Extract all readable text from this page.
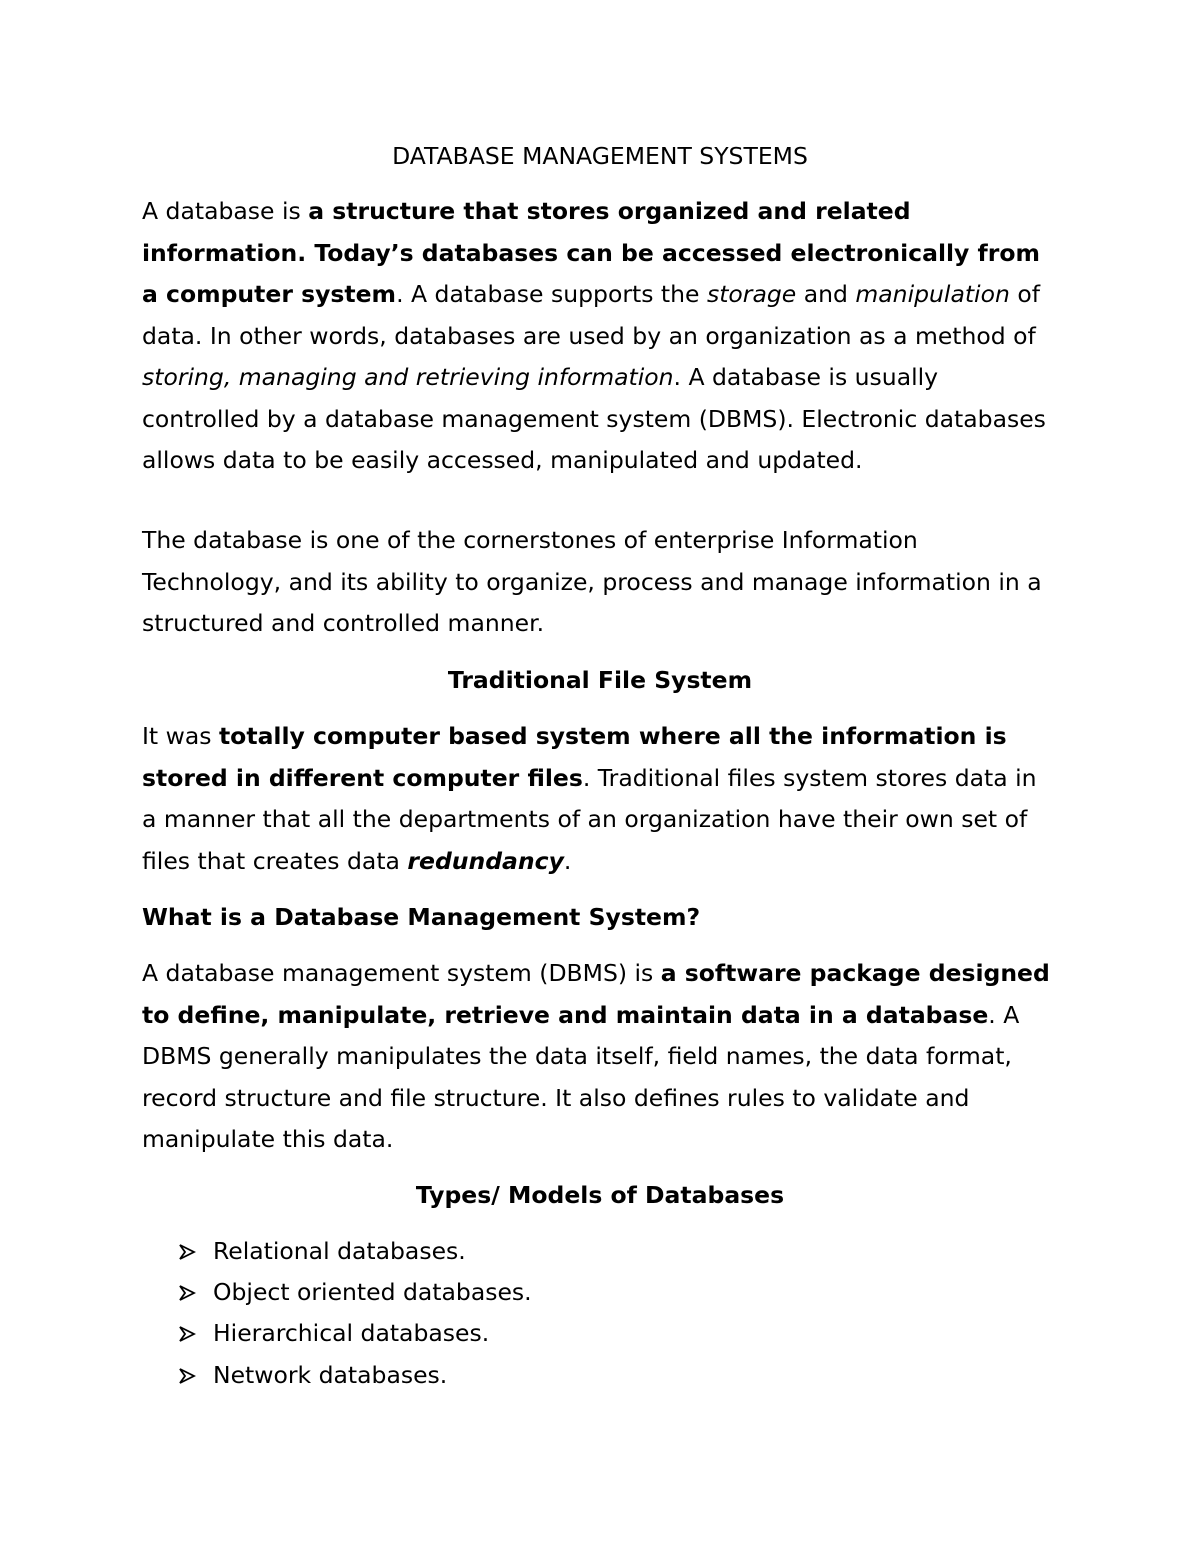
DATABASE MANAGEMENT SYSTEMS

A database is a structure that stores organized and related information. Today’s databases can be accessed electronically from a computer system. A database supports the storage and manipulation of data. In other words, databases are used by an organization as a method of storing, managing and retrieving information. A database is usually controlled by a database management system (DBMS). Electronic databases allows data to be easily accessed, manipulated and updated.

The database is one of the cornerstones of enterprise Information Technology, and its ability to organize, process and manage information in a structured and controlled manner.

Traditional File System

It was totally computer based system where all the information is stored in different computer files. Traditional files system stores data in a manner that all the departments of an organization have their own set of files that creates data redundancy.

What is a Database Management System?

A database management system (DBMS) is a software package designed to define, manipulate, retrieve and maintain data in a database. A DBMS generally manipulates the data itself, field names, the data format, record structure and file structure. It also defines rules to validate and manipulate this data.

Types/ Models of Databases
Relational databases.
Object oriented databases.
Hierarchical databases.
Network databases.
